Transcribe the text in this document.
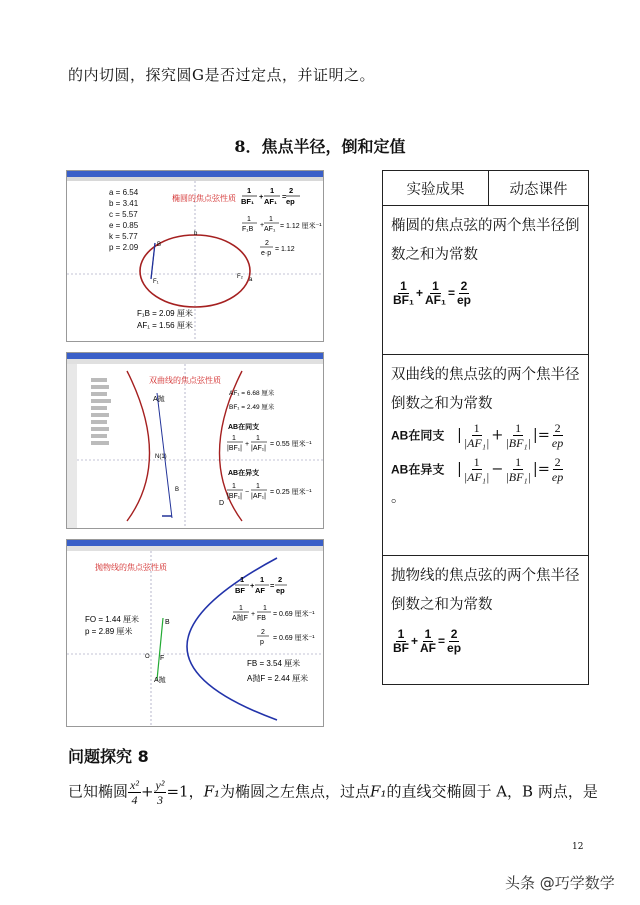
的内切圆，探究圆G是否过定点，并证明之。
8．焦点半径，倒和定值
F₁
B
b
F₂ a
a = 6.54
b = 3.41
c = 5.57
e = 0.85
k = 5.77
p = 2.09
椭圆的焦点弦性质
1
BF₁
+
1
AF₁
=
2
ep
1
F₁B
+
1
AF₁ = 1.12 厘米⁻¹
2
e·p
= 1.12
F₁B = 2.09 厘米
AF₁ = 1.56 厘米
双曲线的焦点弦性质
A抛
N(1)
B
D
AF₁ = 6.68 厘米
BF₁ = 2.49 厘米
AB在同支
1
|BF₁|
+
1
|AF₁|
= 0.55 厘米⁻¹
AB在异支
1
|BF₁|
−
1
|AF₁|
= 0.25 厘米⁻¹
B
F
O
A抛
抛物线的焦点弦性质
1
BF
+
1
AF
=
2
ep
1
A抛F
+
1
FB
= 0.69 厘米⁻¹
2
p
= 0.69 厘米⁻¹
FO = 1.44 厘米
p = 2.89 厘米
FB = 3.54 厘米
A抛F = 2.44 厘米
实验成果	动态课件

椭圆的焦点弦的两个焦半径倒数之和为常数
$\frac{1}{\text{BF₁}} + \frac{1}{\text{AF₁}} = \frac{2}{ep}$

双曲线的焦点弦的两个焦半径倒数之和为常数
AB在同支 | $\frac{1}{\text{|AF₁|}} + \frac{1}{\text{|BF₁|}}$ |= $\frac{2}{ep}$
AB在异支 | $\frac{1}{\text{|AF₁|}} - \frac{1}{\text{|BF₁|}}$ |= $\frac{2}{ep}$
。

抛物线的焦点弦的两个焦半径倒数之和为常数
$\frac{1}{BF} + \frac{1}{AF} = \frac{2}{ep}$
问题探究 8
已知椭圆 $\frac{\text{x²}}{4} + \frac{\text{y²}}{3} =1$，F₁为椭圆之左焦点，过点F₁的直线交椭圆于 A，B 两点，是
12
头条 @巧学数学
